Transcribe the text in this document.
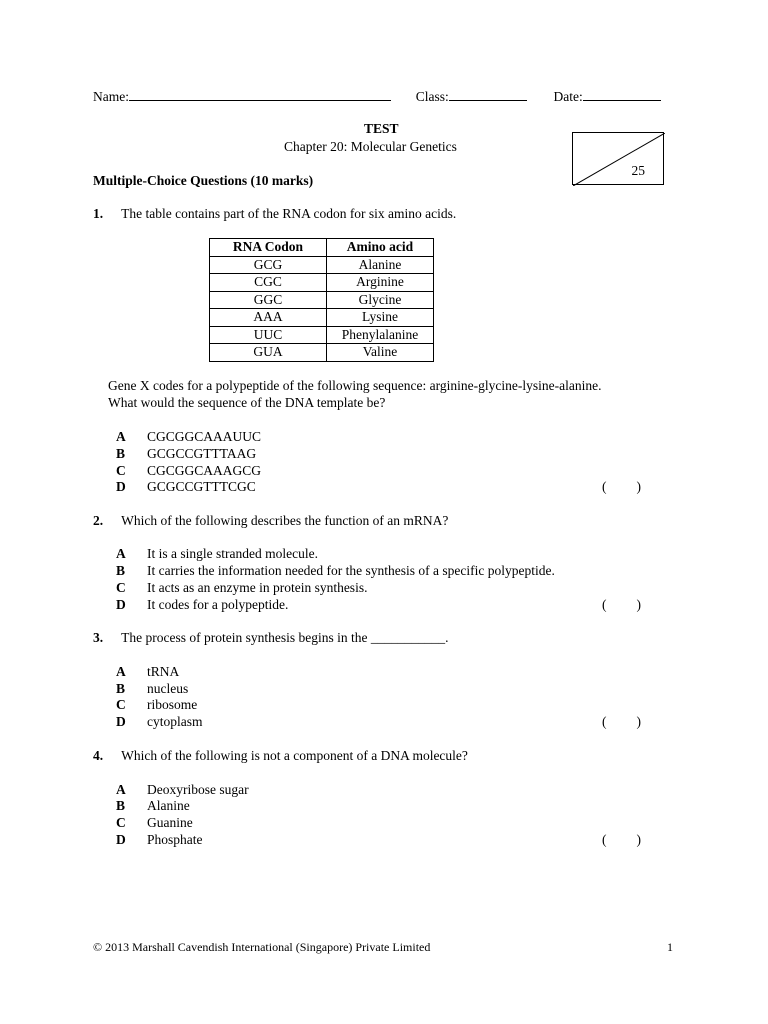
Name:	Class:	Date:
TEST
Chapter 20: Molecular Genetics
25
Multiple-Choice Questions (10 marks)
1. The table contains part of the RNA codon for six amino acids.
RNA Codon	Amino acid
GCG	Alanine
CGC	Arginine
GGC	Glycine
AAA	Lysine
UUC	Phenylalanine
GUA	Valine
Gene X codes for a polypeptide of the following sequence: arginine-glycine-lysine-alanine.
What would the sequence of the DNA template be?
A CGCGGCAAAUUC
B GCGCCGTTTAAG
C CGCGGCAAAGCG
D GCGCCGTTTCGC	( )
2. Which of the following describes the function of an mRNA?
A It is a single stranded molecule.
B It carries the information needed for the synthesis of a specific polypeptide.
C It acts as an enzyme in protein synthesis.
D It codes for a polypeptide.	( )
3. The process of protein synthesis begins in the ___________.
A tRNA
B nucleus
C ribosome
D cytoplasm	( )
4. Which of the following is not a component of a DNA molecule?
A Deoxyribose sugar
B Alanine
C Guanine
D Phosphate	( )
© 2013 Marshall Cavendish International (Singapore) Private Limited	1
